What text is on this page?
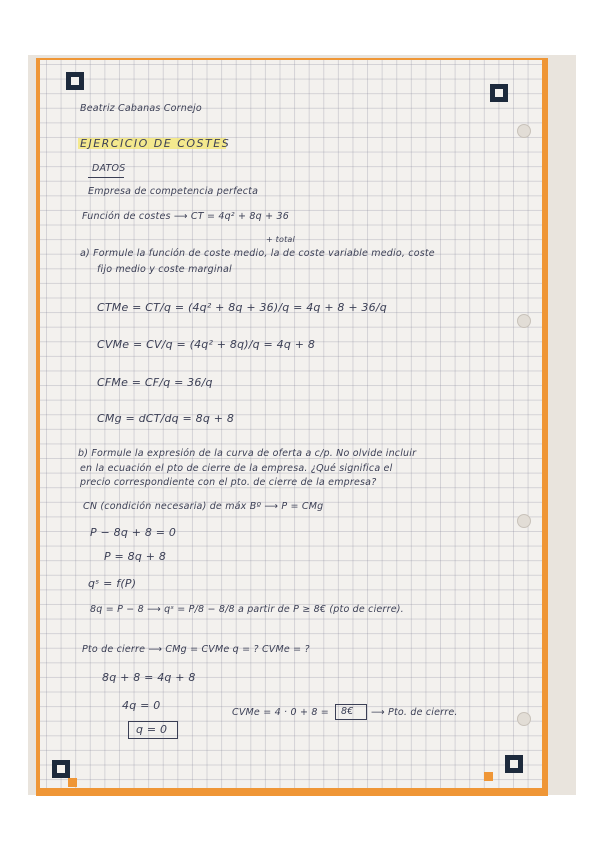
Beatriz Cabanas Cornejo
EJERCICIO DE COSTES
DATOS
Empresa de competencia perfecta
Función de costes ⟶ CT = 4q² + 8q + 36
+ total
a) Formule la función de coste medio, la de coste variable medio, coste
fijo medio y coste marginal
CTMe = CT/q = (4q² + 8q + 36)/q = 4q + 8 + 36/q
CVMe = CV/q = (4q² + 8q)/q = 4q + 8
CFMe = CF/q = 36/q
CMg = dCT/dq = 8q + 8
b) Formule la expresión de la curva de oferta a c/p. No olvide incluir
en la ecuación el pto de cierre de la empresa. ¿Qué significa el
precio correspondiente con el pto. de cierre de la empresa?
CN (condición necesaria) de máx Bº ⟶ P = CMg
P − 8q + 8 = 0
P = 8q + 8
qˢ = f(P)
8q = P − 8 ⟶ qˢ = P/8 − 8/8 a partir de P ≥ 8€ (pto de cierre).
Pto de cierre ⟶ CMg = CVMe q = ? CVMe = ?
8q + 8 = 4q + 8
4q = 0
q = 0
CVMe = 4 · 0 + 8 = 8€ ⟶ Pto. de cierre.
